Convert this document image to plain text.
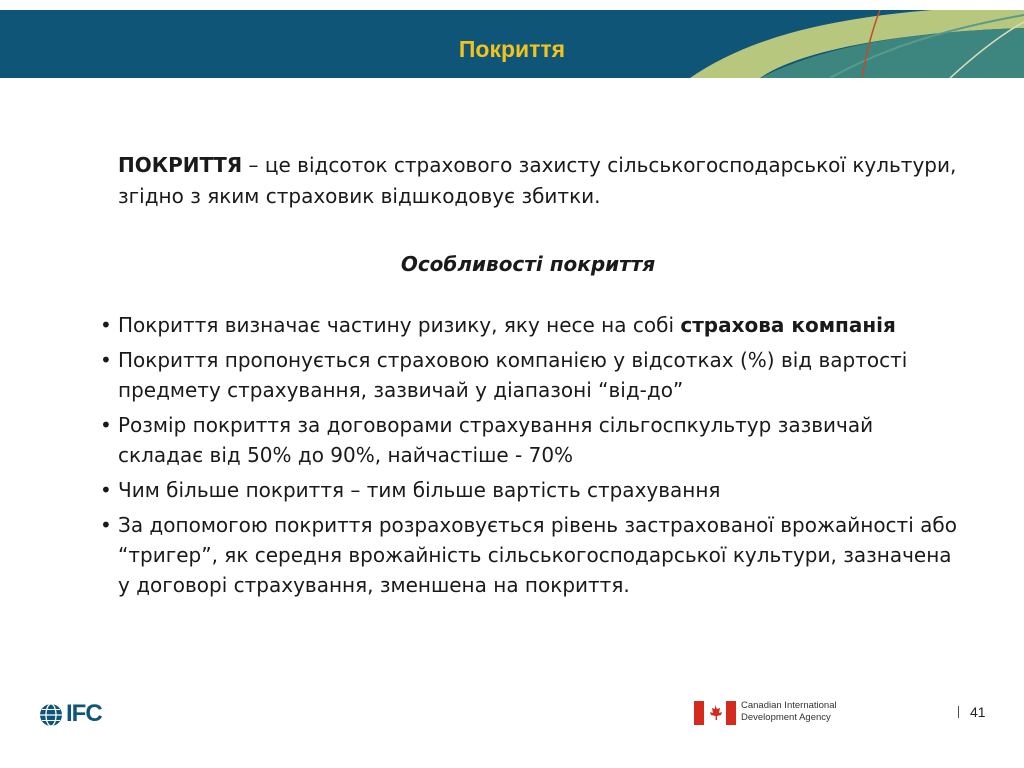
Покриття
ПОКРИТТЯ – це відсоток страхового захисту сільськогосподарської культури, згідно з яким страховик відшкодовує збитки.
Особливості покриття
• Покриття визначає частину ризику, яку несе на собі страхова компанія
• Покриття пропонується страховою компанією у відсотках (%) від вартості предмету страхування, зазвичай у діапазоні “від-до”
• Розмір покриття за договорами страхування сільгоспкультур зазвичай складає від 50% до 90%, найчастіше - 70%
• Чим більше покриття – тим більше вартість страхування
• За допомогою покриття розраховується рівень застрахованої врожайності або “тригер”, як середня врожайність сільськогосподарської культури, зазначена у договорі страхування, зменшена на покриття.
IFC	Canadian International
Development Agency	41
